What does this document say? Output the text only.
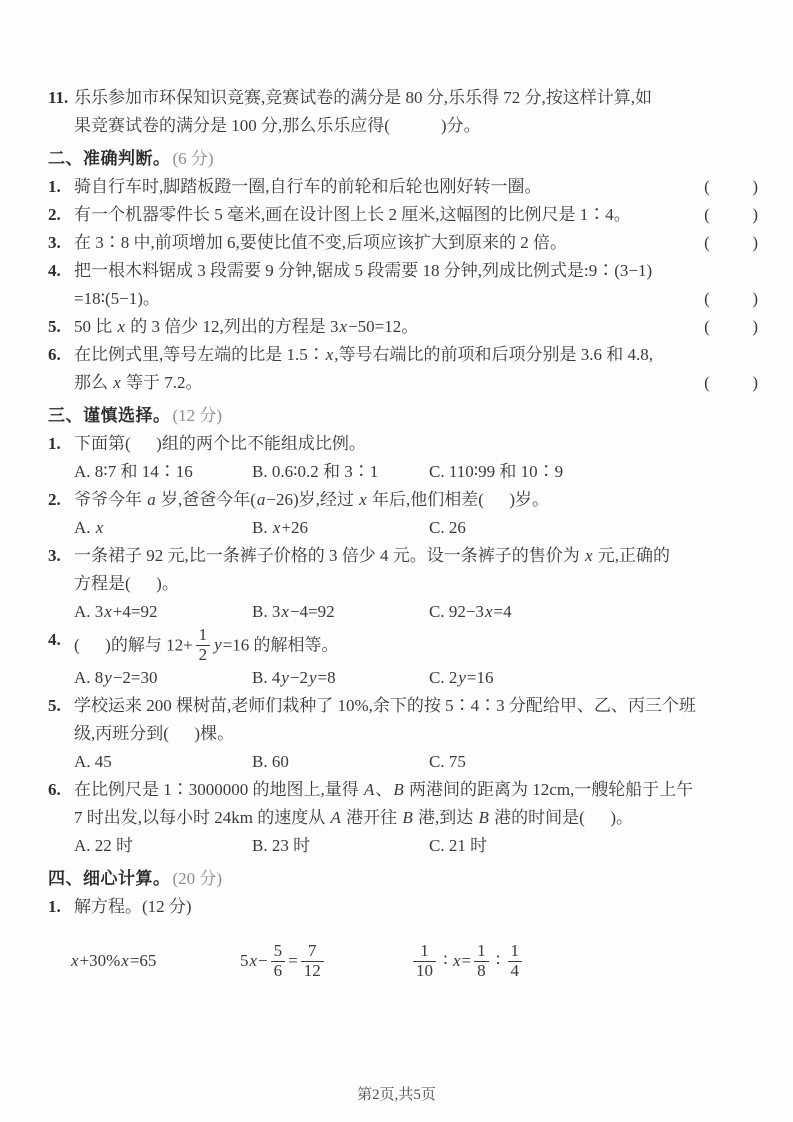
11. 乐乐参加市环保知识竞赛,竞赛试卷的满分是 80 分,乐乐得 72 分,按这样计算,如
果竞赛试卷的满分是 100 分,那么乐乐应得(            )分。
二、准确判断。 (6 分)
1. 骑自行车时,脚踏板蹬一圈,自行车的前轮和后轮也刚好转一圈。	(          )
2. 有一个机器零件长 5 毫米,画在设计图上长 2 厘米,这幅图的比例尺是 1∶4。	(          )
3. 在 3∶8 中,前项增加 6,要使比值不变,后项应该扩大到原来的 2 倍。	(          )
4. 把一根木料锯成 3 段需要 9 分钟,锯成 5 段需要 18 分钟,列成比例式是:9∶(3−1)
=18∶(5−1)。	(          )
5. 50 比 x 的 3 倍少 12,列出的方程是 3x−50=12。	(          )
6. 在比例式里,等号左端的比是 1.5∶x,等号右端比的前项和后项分别是 3.6 和 4.8,
那么 x 等于 7.2。	(          )
三、谨慎选择。 (12 分)
1. 下面第(      )组的两个比不能组成比例。
A. 8∶7 和 14∶16	B. 0.6∶0.2 和 3∶1	C. 110∶99 和 10∶9
2. 爷爷今年 a 岁,爸爸今年(a−26)岁,经过 x 年后,他们相差(      )岁。
A. x	B. x+26	C. 26
3. 一条裙子 92 元,比一条裤子价格的 3 倍少 4 元。设一条裤子的售价为 x 元,正确的
方程是(      )。
A. 3x+4=92	B. 3x−4=92	C. 92−3x=4
4. (      )的解与 $12+ \frac{1}{2} y=16$ 的解相等。
A. 8y−2=30	B. 4y−2y=8	C. 2y=16
5. 学校运来 200 棵树苗,老师们栽种了 10%,余下的按 5∶4∶3 分配给甲、乙、丙三个班
级,丙班分到(      )棵。
A. 45	B. 60	C. 75
6. 在比例尺是 1∶3000000 的地图上,量得 A、B 两港间的距离为 12cm,一艘轮船于上午
7 时出发,以每小时 24km 的速度从 A 港开往 B 港,到达 B 港的时间是(      )。
A. 22 时	B. 23 时	C. 21 时
四、细心计算。 (20 分)
1. 解方程。(12 分)
x +30% x =65	5 $x - \frac{5}{6} = \frac{7}{12}$	$\frac{1}{10}$ ∶ $x = \frac{1}{8}$ ∶ $\frac{1}{4}$
第2页,共5页
